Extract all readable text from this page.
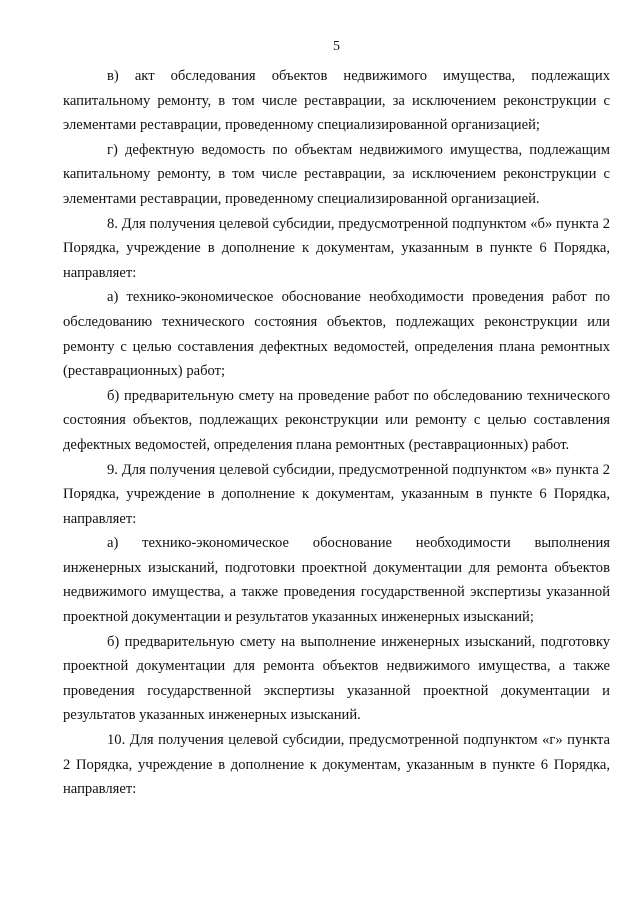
5

в) акт обследования объектов недвижимого имущества, подлежащих капитальному ремонту, в том числе реставрации, за исключением реконструкции с элементами реставрации, проведенному специализированной организацией;

г) дефектную ведомость по объектам недвижимого имущества, подлежащим капитальному ремонту, в том числе реставрации, за исключением реконструкции с элементами реставрации, проведенному специализированной организацией.

8. Для получения целевой субсидии, предусмотренной подпунктом «б» пункта 2 Порядка, учреждение в дополнение к документам, указанным в пункте 6 Порядка, направляет:

а) технико-экономическое обоснование необходимости проведения работ по обследованию технического состояния объектов, подлежащих реконструкции или ремонту с целью составления дефектных ведомостей, определения плана ремонтных (реставрационных) работ;

б) предварительную смету на проведение работ по обследованию технического состояния объектов, подлежащих реконструкции или ремонту с целью составления дефектных ведомостей, определения плана ремонтных (реставрационных) работ.

9. Для получения целевой субсидии, предусмотренной подпунктом «в» пункта 2 Порядка, учреждение в дополнение к документам, указанным в пункте 6 Порядка, направляет:

а) технико-экономическое обоснование необходимости выполнения инженерных изысканий, подготовки проектной документации для ремонта объектов недвижимого имущества, а также проведения государственной экспертизы указанной проектной документации и результатов указанных инженерных изысканий;

б) предварительную смету на выполнение инженерных изысканий, подготовку проектной документации для ремонта объектов недвижимого имущества, а также проведения государственной экспертизы указанной проектной документации и результатов указанных инженерных изысканий.

10. Для получения целевой субсидии, предусмотренной подпунктом «г» пункта 2 Порядка, учреждение в дополнение к документам, указанным в пункте 6 Порядка, направляет:
